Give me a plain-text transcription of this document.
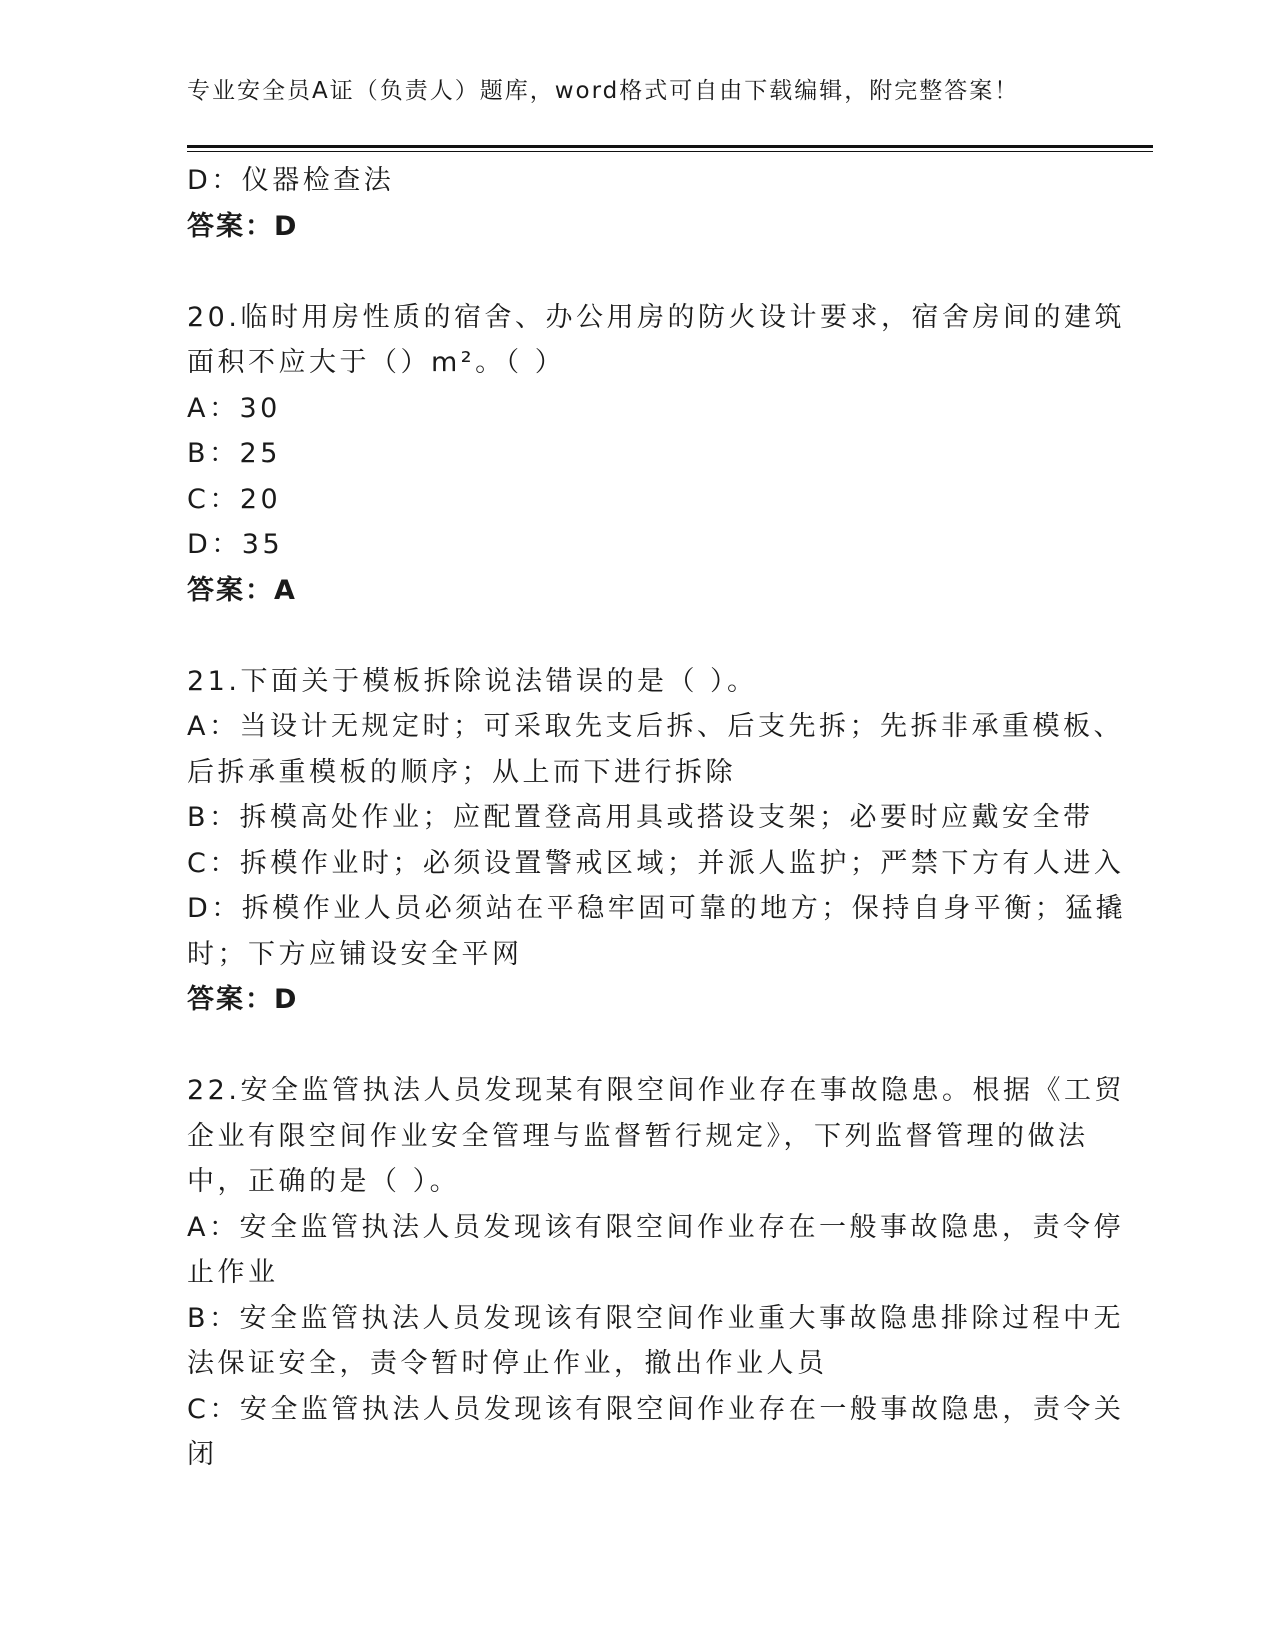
专业安全员A证（负责人）题库，word格式可自由下载编辑，附完整答案！
D：仪器检查法
答案：D
20.临时用房性质的宿舍、办公用房的防火设计要求，宿舍房间的建筑
面积不应大于（）m²。（ ）
A：30
B：25
C：20
D：35
答案：A
21.下面关于模板拆除说法错误的是（ ）。
A：当设计无规定时；可采取先支后拆、后支先拆；先拆非承重模板、
后拆承重模板的顺序；从上而下进行拆除
B：拆模高处作业；应配置登高用具或搭设支架；必要时应戴安全带
C：拆模作业时；必须设置警戒区域；并派人监护；严禁下方有人进入
D：拆模作业人员必须站在平稳牢固可靠的地方；保持自身平衡；猛撬
时；下方应铺设安全平网
答案：D
22.安全监管执法人员发现某有限空间作业存在事故隐患。根据《工贸
企业有限空间作业安全管理与监督暂行规定》，下列监督管理的做法
中，正确的是（ ）。
A：安全监管执法人员发现该有限空间作业存在一般事故隐患，责令停
止作业
B：安全监管执法人员发现该有限空间作业重大事故隐患排除过程中无
法保证安全，责令暂时停止作业，撤出作业人员
C：安全监管执法人员发现该有限空间作业存在一般事故隐患，责令关
闭
